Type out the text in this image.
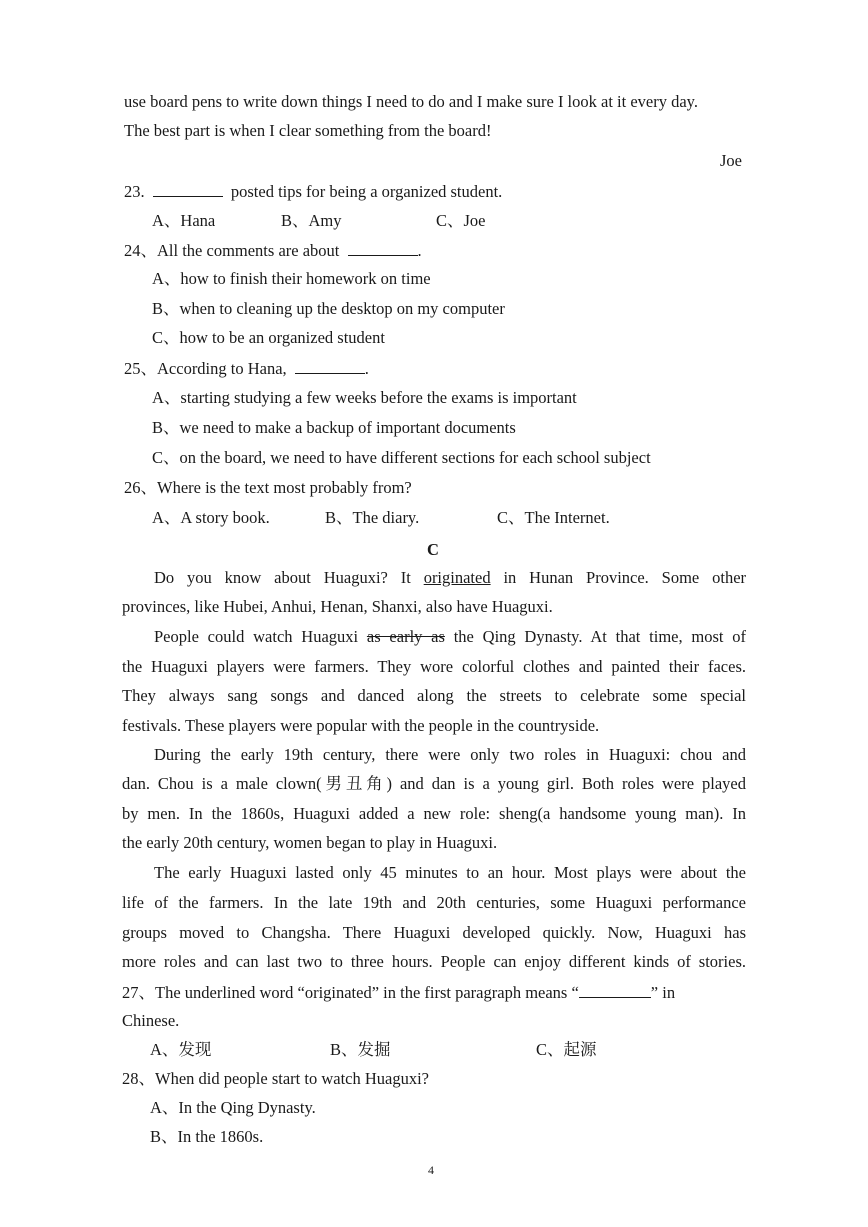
use board pens to write down things I need to do and I make sure I look at it every day.
The best part is when I clear something from the board!
Joe
23.	posted tips for being a organized student.
A、Hana	B、Amy	C、Joe
24、All the comments are about	.
A、how to finish their homework on time
B、when to cleaning up the desktop on my computer
C、how to be an organized student
25、According to Hana,	.
A、starting studying a few weeks before the exams is important
B、we need to make a backup of important documents
C、on the board, we need to have different sections for each school subject
26、Where is the text most probably from?
A、A story book.	B、The diary.	C、The Internet.
C
Do you know about Huaguxi? It originated in Hunan Province. Some other
provinces, like Hubei, Anhui, Henan, Shanxi, also have Huaguxi.
People could watch Huaguxi as early as the Qing Dynasty. At that time, most of
the Huaguxi players were farmers. They wore colorful clothes and painted their faces.
They always sang songs and danced along the streets to celebrate some special
festivals. These players were popular with the people in the countryside.
During the early 19th century, there were only two roles in Huaguxi: chou and
dan. Chou is a male clown(男丑角) and dan is a young girl. Both roles were played
by men. In the 1860s, Huaguxi added a new role: sheng(a handsome young man). In
the early 20th century, women began to play in Huaguxi.
The early Huaguxi lasted only 45 minutes to an hour. Most plays were about the
life of the farmers. In the late 19th and 20th centuries, some Huaguxi performance
groups moved to Changsha. There Huaguxi developed quickly. Now, Huaguxi has
more roles and can last two to three hours. People can enjoy different kinds of stories.
27、The underlined word “originated” in the first paragraph means “	” in
Chinese.
A、发现	B、发掘	C、起源
28、When did people start to watch Huaguxi?
A、In the Qing Dynasty.
B、In the 1860s.
4
